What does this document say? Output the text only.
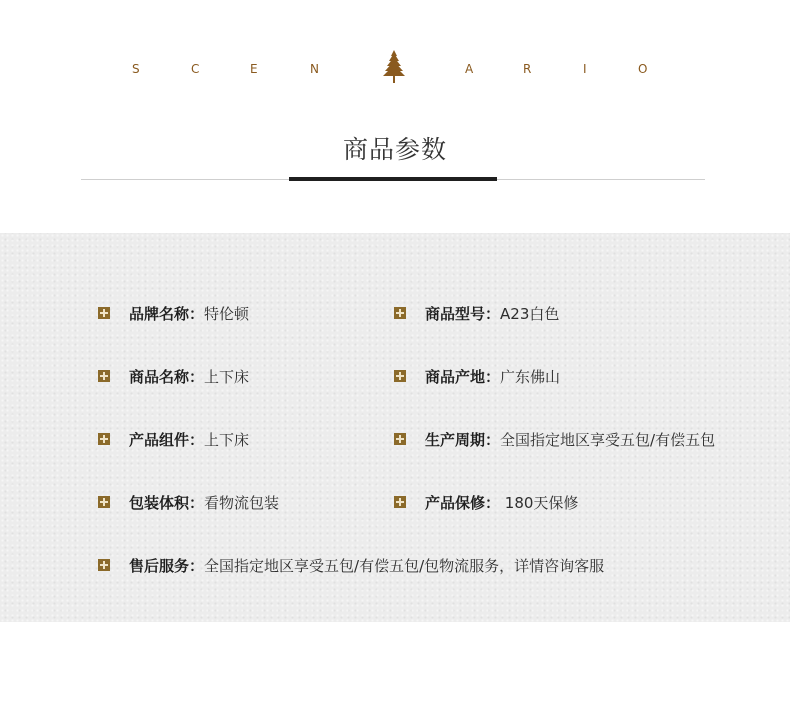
S	C	E	N	A	R	I	O
商品参数
品牌名称： 特伦顿	商品型号： A23白色
商品名称： 上下床	商品产地： 广东佛山
产品组件： 上下床	生产周期： 全国指定地区享受五包/有偿五包
包装体积： 看物流包装	产品保修： 180天保修
售后服务： 全国指定地区享受五包/有偿五包/包物流服务，详情咨询客服
